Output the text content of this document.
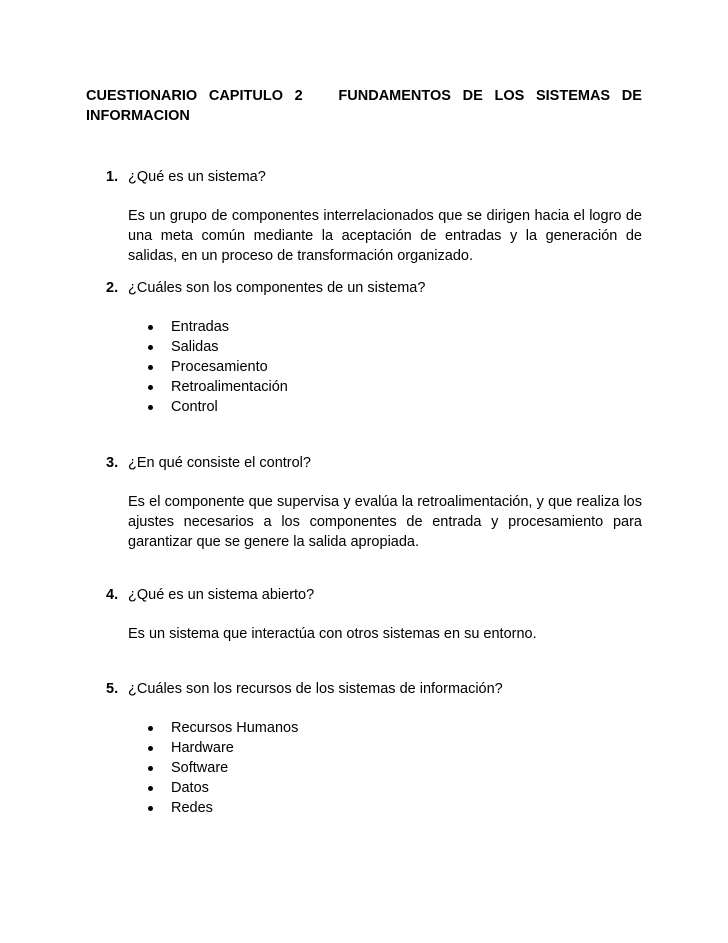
CUESTIONARIO CAPITULO 2 FUNDAMENTOS DE LOS SISTEMAS DE
INFORMACION
1. ¿Qué es un sistema?
Es un grupo de componentes interrelacionados que se dirigen hacia el logro de una meta común mediante la aceptación de entradas y la generación de salidas, en un proceso de transformación organizado.
2. ¿Cuáles son los componentes de un sistema?
Entradas
Salidas
Procesamiento
Retroalimentación
Control
3. ¿En qué consiste el control?
Es el componente que supervisa y evalúa la retroalimentación, y que realiza los ajustes necesarios a los componentes de entrada y procesamiento para garantizar que se genere la salida apropiada.
4. ¿Qué es un sistema abierto?
Es un sistema que interactúa con otros sistemas en su entorno.
5. ¿Cuáles son los recursos de los sistemas de información?
Recursos Humanos
Hardware
Software
Datos
Redes
